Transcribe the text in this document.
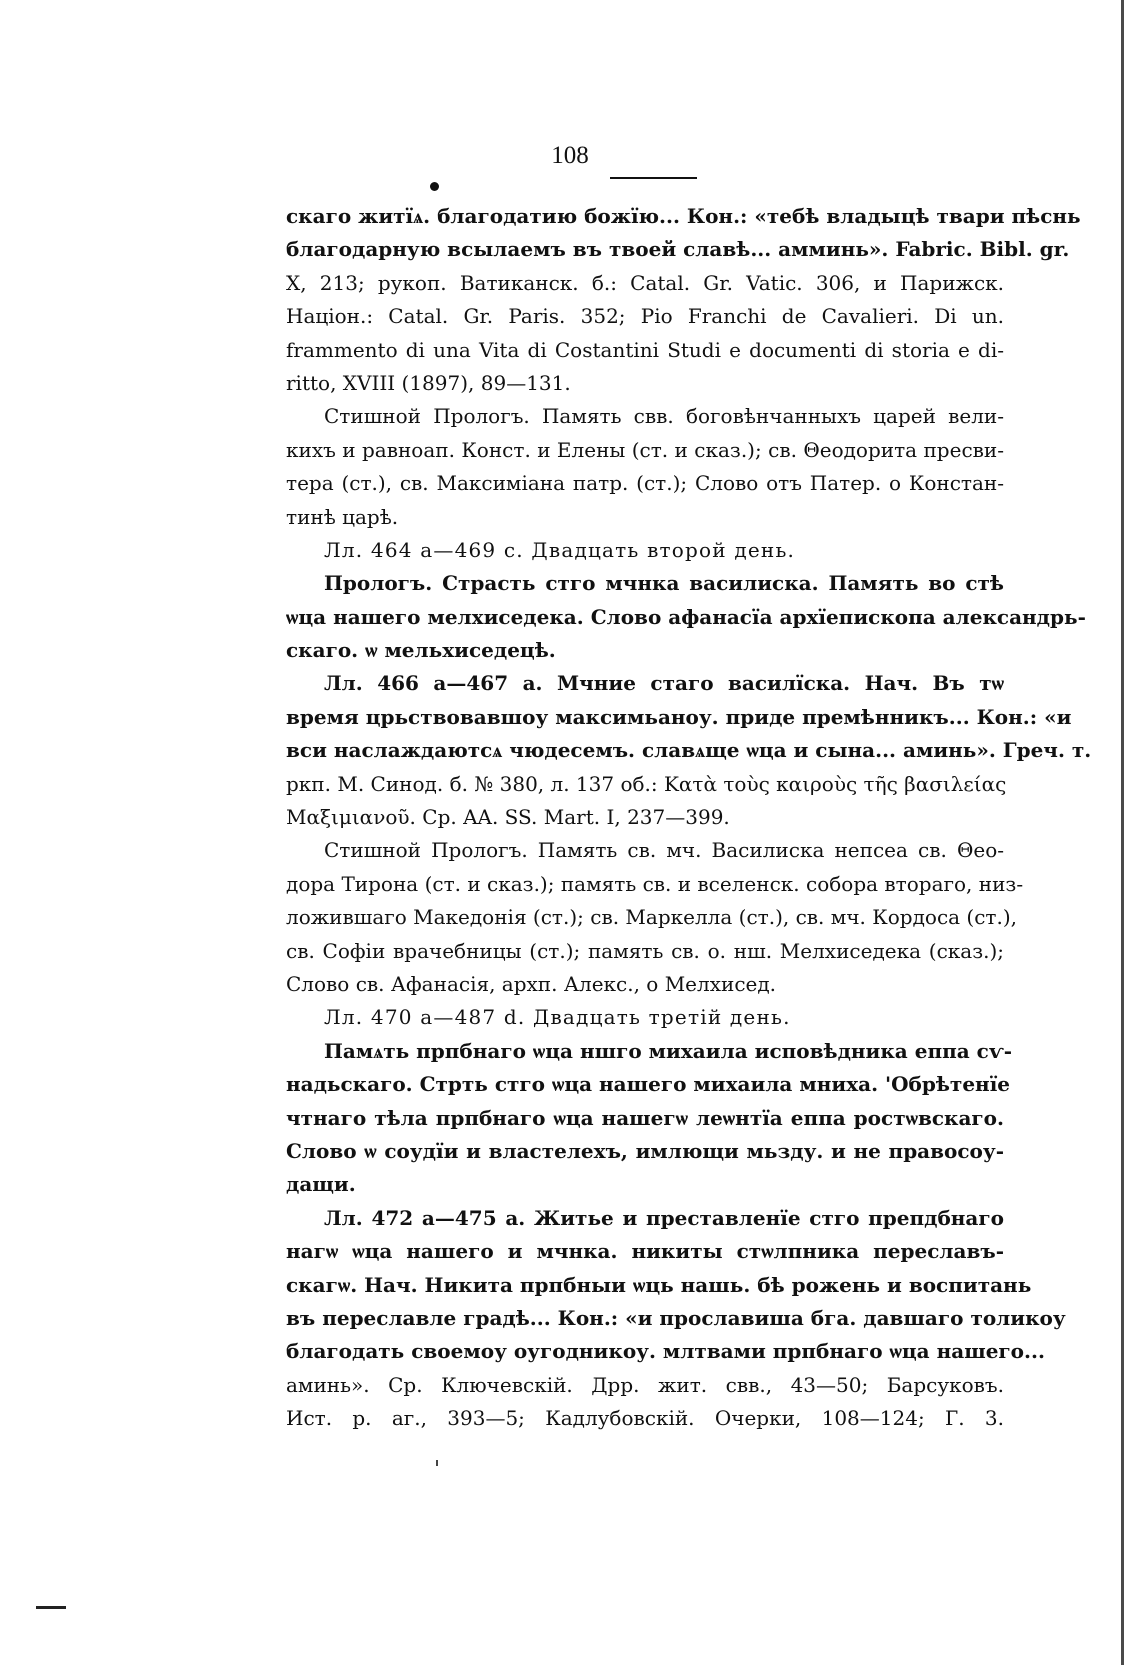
108
скаго житїѧ. благодатию божїю... Кон.: «тебѣ владыцѣ твари пѣснь
благодарную всылаемъ въ твоей славѣ... амминь». Fabric. Bibl. gr.
X, 213; рукоп. Ватиканск. б.: Catal. Gr. Vatic. 306, и Парижск.
Націон.: Catal. Gr. Paris. 352; Pio Franchi de Cavalieri. Di un.
frammento di una Vita di Costantini Studi e documenti di storia e di-
ritto, XVIII (1897), 89—131.
Стишной Прологъ. Память свв. боговѣнчанныхъ царей вели-
кихъ и равноап. Конст. и Елены (ст. и сказ.); св. Θеодорита пресви-
тера (ст.), св. Максиміана патр. (ст.); Слово отъ Патер. о Констан-
тинѣ царѣ.
Лл. 464 а—469 с. Двадцать второй день.
Прологъ. Страсть стго мчнка василиска. Память во стѣ
ѡца нашего мелхиседека. Слово афанасїа архїепископа александрь-
скаго. ѡ мельхиседецѣ.
Лл. 466 а—467 а. Мчние стаго василїска. Нач. Въ тѡ
время црьствовавшоу максимьаноу. приде премѣнникъ... Кон.: «и
вси наслаждаютсѧ чюдесемъ. славѧще ѡца и сына... аминь». Греч. т.
ркп. М. Синод. б. № 380, л. 137 об.: Κατὰ τοὺς καιροὺς τῆς βασιλείας
Μαξιμιανοῦ. Ср. AA. SS. Mart. I, 237—399.
Стишной Прологъ. Память св. мч. Василиска непсеа св. Θео-
дора Тирона (ст. и сказ.); память св. и вселенск. собора втораго, низ-
ложившаго Македонія (ст.); св. Маркелла (ст.), св. мч. Кордоса (ст.),
св. Софіи врачебницы (ст.); память св. о. нш. Мелхиседека (сказ.);
Слово св. Афанасія, архп. Алекс., о Мелхисед.
Лл. 470 а—487 d. Двадцать третій день.
Памѧть прпбнаго ѡца ншго михаила исповѣдника еппа сѵ-
надьскаго. Стрть стго ѡца нашего михаила мниха. 'Обрѣтенїе
чтнаго тѣла прпбнаго ѡца нашегѡ леѡнтїа еппа ростѡвскаго.
Слово ѡ соудїи и властелехъ, имлющи мьзду. и не правосоу-
дащи.
Лл. 472 а—475 а. Житье и преставленїе стго препдбнаго
нагѡ ѡца нашего и мчнка. никиты стѡлпника переславъ-
скагѡ. Нач. Никита прпбныи ѡць нашь. бѣ рожень и воспитань
въ переславле градѣ... Кон.: «и прославиша бга. давшаго толикоу
благодать своемоу оугодникоу. млтвами прпбнаго ѡца нашего...
аминь». Ср. Ключевскій. Дрр. жит. свв., 43—50; Барсуковъ.
Ист. р. аг., 393—5; Кадлубовскій. Очерки, 108—124; Г. 3.
